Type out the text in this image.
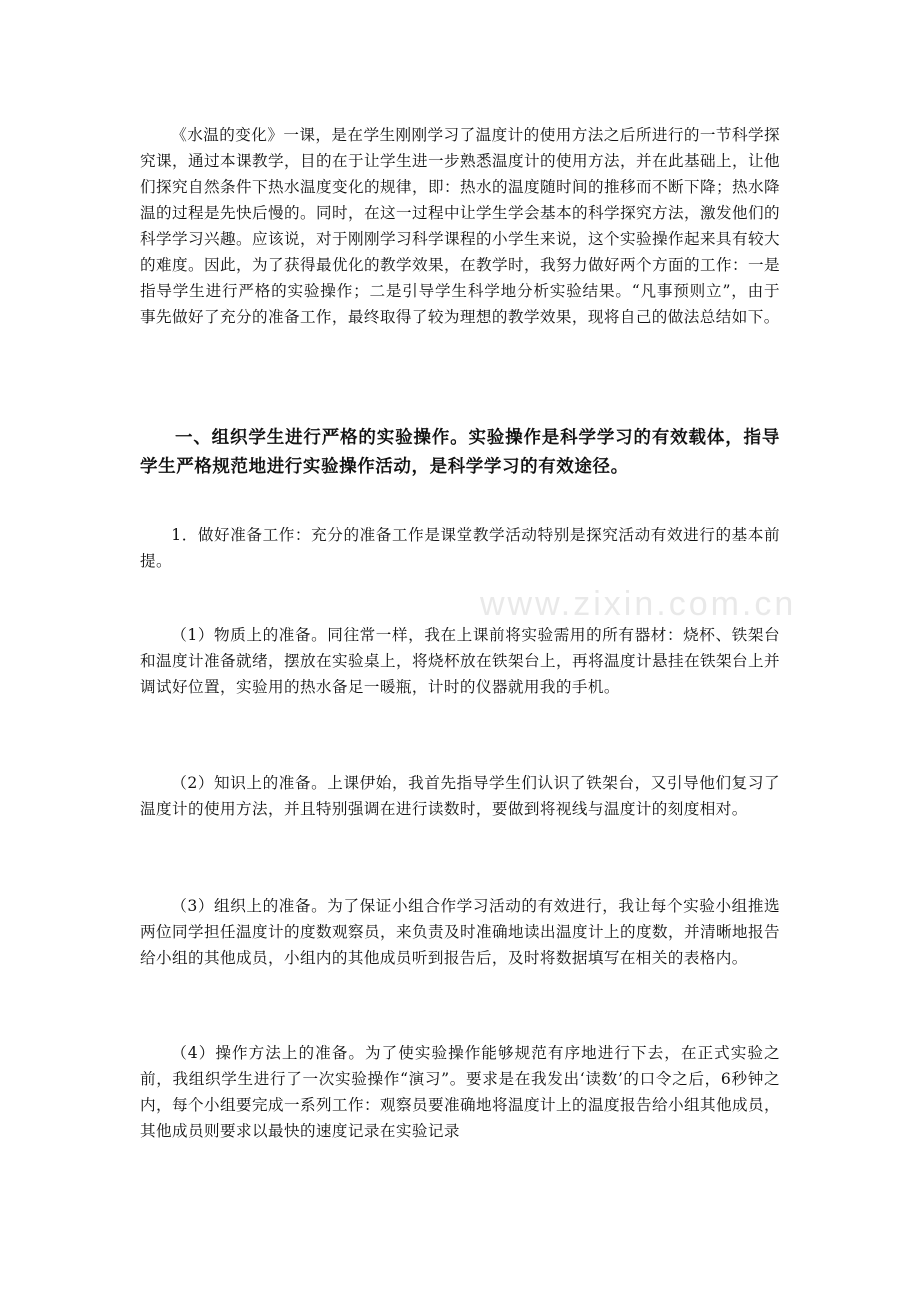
www.zixin.com.cn

《水温的变化》一课，是在学生刚刚学习了温度计的使用方法之后所进行的一节科学探究课，通过本课教学，目的在于让学生进一步熟悉温度计的使用方法，并在此基础上，让他们探究自然条件下热水温度变化的规律，即：热水的温度随时间的推移而不断下降；热水降温的过程是先快后慢的。同时，在这一过程中让学生学会基本的科学探究方法，激发他们的科学学习兴趣。应该说，对于刚刚学习科学课程的小学生来说，这个实验操作起来具有较大的难度。因此，为了获得最优化的教学效果，在教学时，我努力做好两个方面的工作：一是指导学生进行严格的实验操作；二是引导学生科学地分析实验结果。“凡事预则立”，由于事先做好了充分的准备工作，最终取得了较为理想的教学效果，现将自己的做法总结如下。

一、组织学生进行严格的实验操作。实验操作是科学学习的有效载体，指导学生严格规范地进行实验操作活动，是科学学习的有效途径。

1．做好准备工作：充分的准备工作是课堂教学活动特别是探究活动有效进行的基本前提。

（1）物质上的准备。同往常一样，我在上课前将实验需用的所有器材：烧杯、铁架台和温度计准备就绪，摆放在实验桌上，将烧杯放在铁架台上，再将温度计悬挂在铁架台上并调试好位置，实验用的热水备足一暖瓶，计时的仪器就用我的手机。

（2）知识上的准备。上课伊始，我首先指导学生们认识了铁架台，又引导他们复习了温度计的使用方法，并且特别强调在进行读数时，要做到将视线与温度计的刻度相对。

（3）组织上的准备。为了保证小组合作学习活动的有效进行，我让每个实验小组推选两位同学担任温度计的度数观察员，来负责及时准确地读出温度计上的度数，并清晰地报告给小组的其他成员，小组内的其他成员听到报告后，及时将数据填写在相关的表格内。

（4）操作方法上的准备。为了使实验操作能够规范有序地进行下去，在正式实验之前，我组织学生进行了一次实验操作“演习”。要求是在我发出‘读数’的口令之后，6秒钟之内，每个小组要完成一系列工作：观察员要准确地将温度计上的温度报告给小组其他成员，其他成员则要求以最快的速度记录在实验记录
